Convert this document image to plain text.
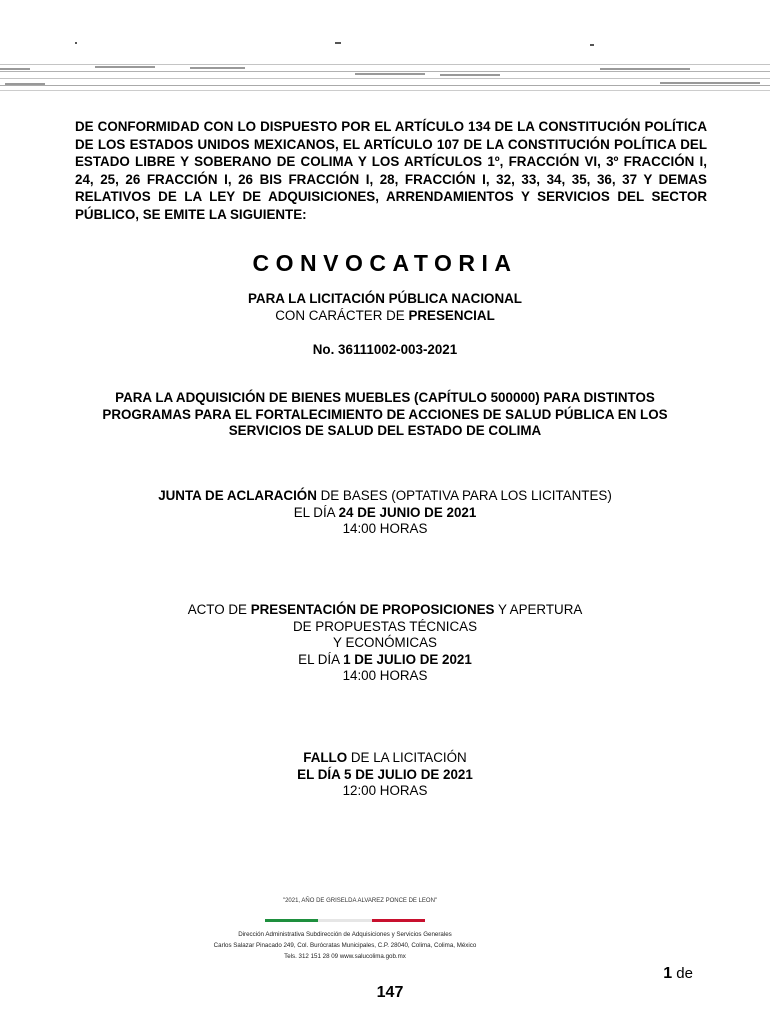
DE CONFORMIDAD CON LO DISPUESTO POR EL ARTÍCULO 134 DE LA CONSTITUCIÓN POLÍTICA DE LOS ESTADOS UNIDOS MEXICANOS, EL ARTÍCULO 107 DE LA CONSTITUCIÓN POLÍTICA DEL ESTADO LIBRE Y SOBERANO DE COLIMA Y LOS ARTÍCULOS 1º, FRACCIÓN VI, 3º FRACCIÓN I, 24, 25, 26 FRACCIÓN I, 26 BIS FRACCIÓN I, 28, FRACCIÓN I, 32, 33, 34, 35, 36, 37 Y DEMAS RELATIVOS DE LA LEY DE ADQUISICIONES, ARRENDAMIENTOS Y SERVICIOS DEL SECTOR PÚBLICO, SE EMITE LA SIGUIENTE:
CONVOCATORIA
PARA LA LICITACIÓN PÚBLICA NACIONAL
CON CARÁCTER DE PRESENCIAL
No. 36111002-003-2021
PARA LA ADQUISICIÓN DE BIENES MUEBLES (CAPÍTULO 500000) PARA DISTINTOS
PROGRAMAS PARA EL FORTALECIMIENTO DE ACCIONES DE SALUD PÚBLICA EN LOS
SERVICIOS DE SALUD DEL ESTADO DE COLIMA
JUNTA DE ACLARACIÓN DE BASES (OPTATIVA PARA LOS LICITANTES)
EL DÍA 24 DE JUNIO DE 2021
14:00 HORAS
ACTO DE PRESENTACIÓN DE PROPOSICIONES Y APERTURA
DE PROPUESTAS TÉCNICAS
Y ECONÓMICAS
EL DÍA 1 DE JULIO DE 2021
14:00 HORAS
FALLO DE LA LICITACIÓN
EL DÍA 5 DE JULIO DE 2021
12:00 HORAS
"2021, AÑO DE GRISELDA ALVAREZ PONCE DE LEON"
Dirección Administrativa Subdirección de Adquisiciones y Servicios Generales
Carlos Salazar Pinacado 249, Col. Burócratas Municipales, C.P. 28040, Colima, Colima, México
Tels. 312 151 28 09 www.salucolima.gob.mx
1 de
147
